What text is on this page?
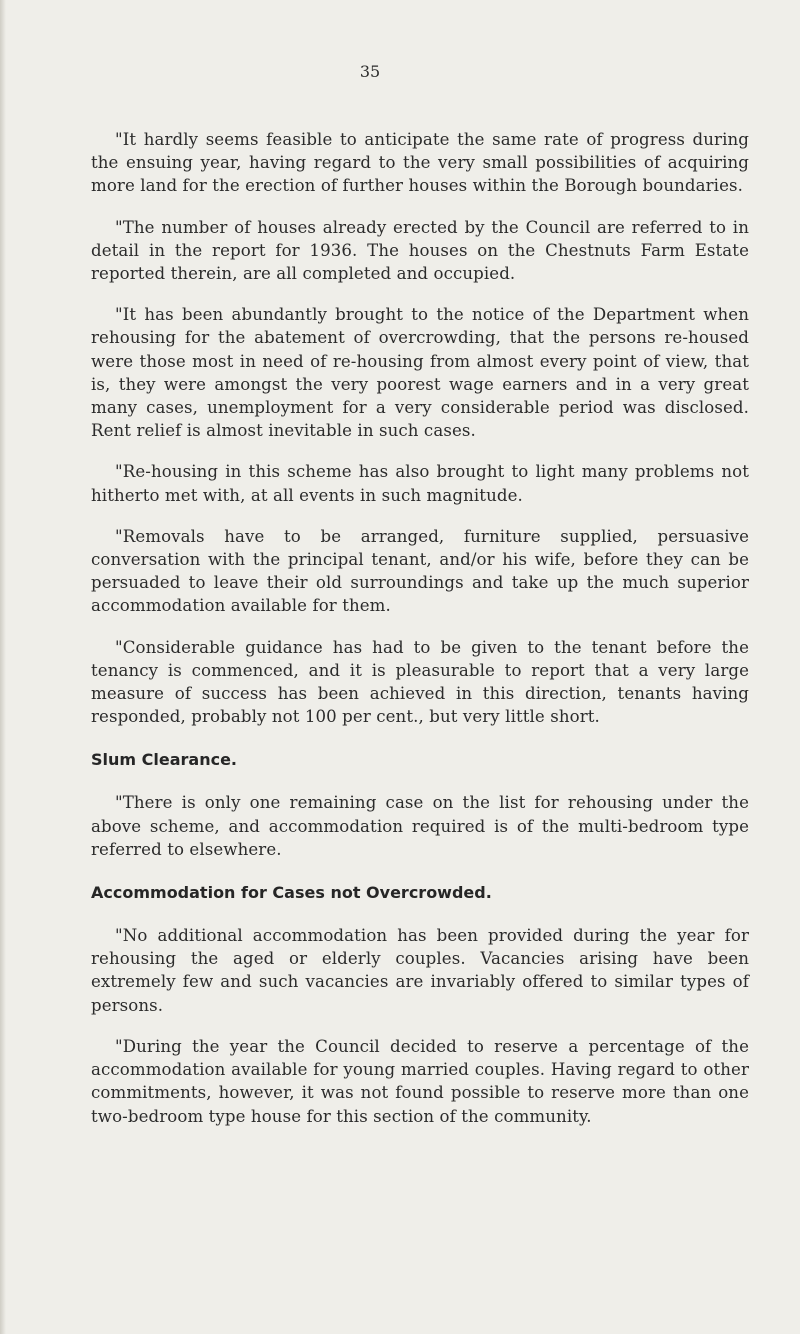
35

"It hardly seems feasible to anticipate the same rate of progress during the ensuing year, having regard to the very small possibilities of acquiring more land for the erection of further houses within the Borough boundaries.

"The number of houses already erected by the Council are referred to in detail in the report for 1936. The houses on the Chestnuts Farm Estate reported therein, are all completed and occupied.

"It has been abundantly brought to the notice of the Department when rehousing for the abatement of overcrowding, that the persons re-housed were those most in need of re-housing from almost every point of view, that is, they were amongst the very poorest wage earners and in a very great many cases, unemployment for a very considerable period was disclosed. Rent relief is almost inevitable in such cases.

"Re-housing in this scheme has also brought to light many problems not hitherto met with, at all events in such magnitude.

"Removals have to be arranged, furniture supplied, persuasive conversation with the principal tenant, and/or his wife, before they can be persuaded to leave their old surroundings and take up the much superior accommodation available for them.

"Considerable guidance has had to be given to the tenant before the tenancy is commenced, and it is pleasurable to report that a very large measure of success has been achieved in this direction, tenants having responded, probably not 100 per cent., but very little short.

Slum Clearance.

"There is only one remaining case on the list for rehousing under the above scheme, and accommodation required is of the multi-bedroom type referred to elsewhere.

Accommodation for Cases not Overcrowded.

"No additional accommodation has been provided during the year for rehousing the aged or elderly couples. Vacancies arising have been extremely few and such vacancies are invariably offered to similar types of persons.

"During the year the Council decided to reserve a percentage of the accommodation available for young married couples. Having regard to other commitments, however, it was not found possible to reserve more than one two-bedroom type house for this section of the community.
